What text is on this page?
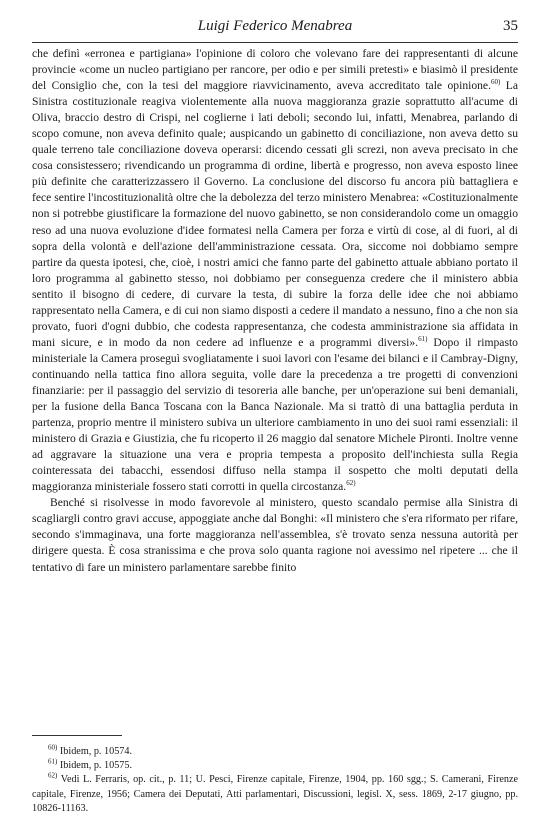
Luigi Federico Menabrea	35

che definì «erronea e partigiana» l'opinione di coloro che volevano fare dei rappresentanti di alcune provincie «come un nucleo partigiano per rancore, per odio e per simili pretesti» e biasimò il presidente del Consiglio che, con la tesi del maggiore riavvicinamento, aveva accreditato tale opinione.$^{60)}$ La Sinistra costituzionale reagiva violentemente alla nuova maggioranza grazie soprattutto all'acume di Oliva, braccio destro di Crispi, nel coglierne i lati deboli; secondo lui, infatti, Menabrea, parlando di scopo comune, non aveva definito quale; auspicando un gabinetto di conciliazione, non aveva detto su quale terreno tale conciliazione doveva operarsi: dicendo cessati gli screzi, non aveva precisato in che cosa consistessero; rivendicando un programma di ordine, libertà e progresso, non aveva esposto linee più definite che caratterizzassero il Governo. La conclusione del discorso fu ancora più battagliera e fece sentire l'incostituzionalità oltre che la debolezza del terzo ministero Menabrea: «Costituzionalmente non si potrebbe giustificare la formazione del nuovo gabinetto, se non considerandolo come un omaggio reso ad una nuova evoluzione d'idee formatesi nella Camera per forza e virtù di cose, al di fuori, al di sopra della volontà e dell'azione dell'amministrazione cessata. Ora, siccome noi dobbiamo sempre partire da questa ipotesi, che, cioè, i nostri amici che fanno parte del gabinetto attuale abbiano portato il loro programma al gabinetto stesso, noi dobbiamo per conseguenza credere che il ministero abbia sentito il bisogno di cedere, di curvare la testa, di subire la forza delle idee che noi abbiamo rappresentato nella Camera, e di cui non siamo disposti a cedere il mandato a nessuno, fino a che non sia provato, fuori d'ogni dubbio, che codesta rappresentanza, che codesta amministrazione sia affidata in mani sicure, e in modo da non cedere ad influenze e a programmi diversi».$^{61)}$ Dopo il rimpasto ministeriale la Camera proseguì svogliatamente i suoi lavori con l'esame dei bilanci e il Cambray-Digny, continuando nella tattica fino allora seguita, volle dare la precedenza a tre progetti di convenzioni finanziarie: per il passaggio del servizio di tesoreria alle banche, per un'operazione sui beni demaniali, per la fusione della Banca Toscana con la Banca Nazionale. Ma si trattò di una battaglia perduta in partenza, proprio mentre il ministero subiva un ulteriore cambiamento in uno dei suoi rami essenziali: il ministero di Grazia e Giustizia, che fu ricoperto il 26 maggio dal senatore Michele Pironti. Inoltre venne ad aggravare la situazione una vera e propria tempesta a proposito dell'inchiesta sulla Regia cointeressata dei tabacchi, essendosi diffuso nella stampa il sospetto che molti deputati della maggioranza ministeriale fossero stati corrotti in quella circostanza.$^{62)}$

Benché si risolvesse in modo favorevole al ministero, questo scandalo permise alla Sinistra di scagliargli contro gravi accuse, appoggiate anche dal Bonghi: «Il ministero che s'era riformato per rifare, secondo s'immaginava, una forte maggioranza nell'assemblea, s'è trovato senza nessuna autorità per dirigere questa. È cosa stranissima e che prova solo quanta ragione noi avessimo nel ripetere ... che il tentativo di fare un ministero parlamentare sarebbe finito

$^{60)}$ Ibidem, p. 10574.

$^{61)}$ Ibidem, p. 10575.

$^{62)}$ Vedi L. Ferraris, op. cit., p. 11; U. Pesci, Firenze capitale, Firenze, 1904, pp. 160 sgg.; S. Camerani, Firenze capitale, Firenze, 1956; Camera dei Deputati, Atti parlamentari, Discussioni, legisl. X, sess. 1869, 2-17 giugno, pp. 10826-11163.
